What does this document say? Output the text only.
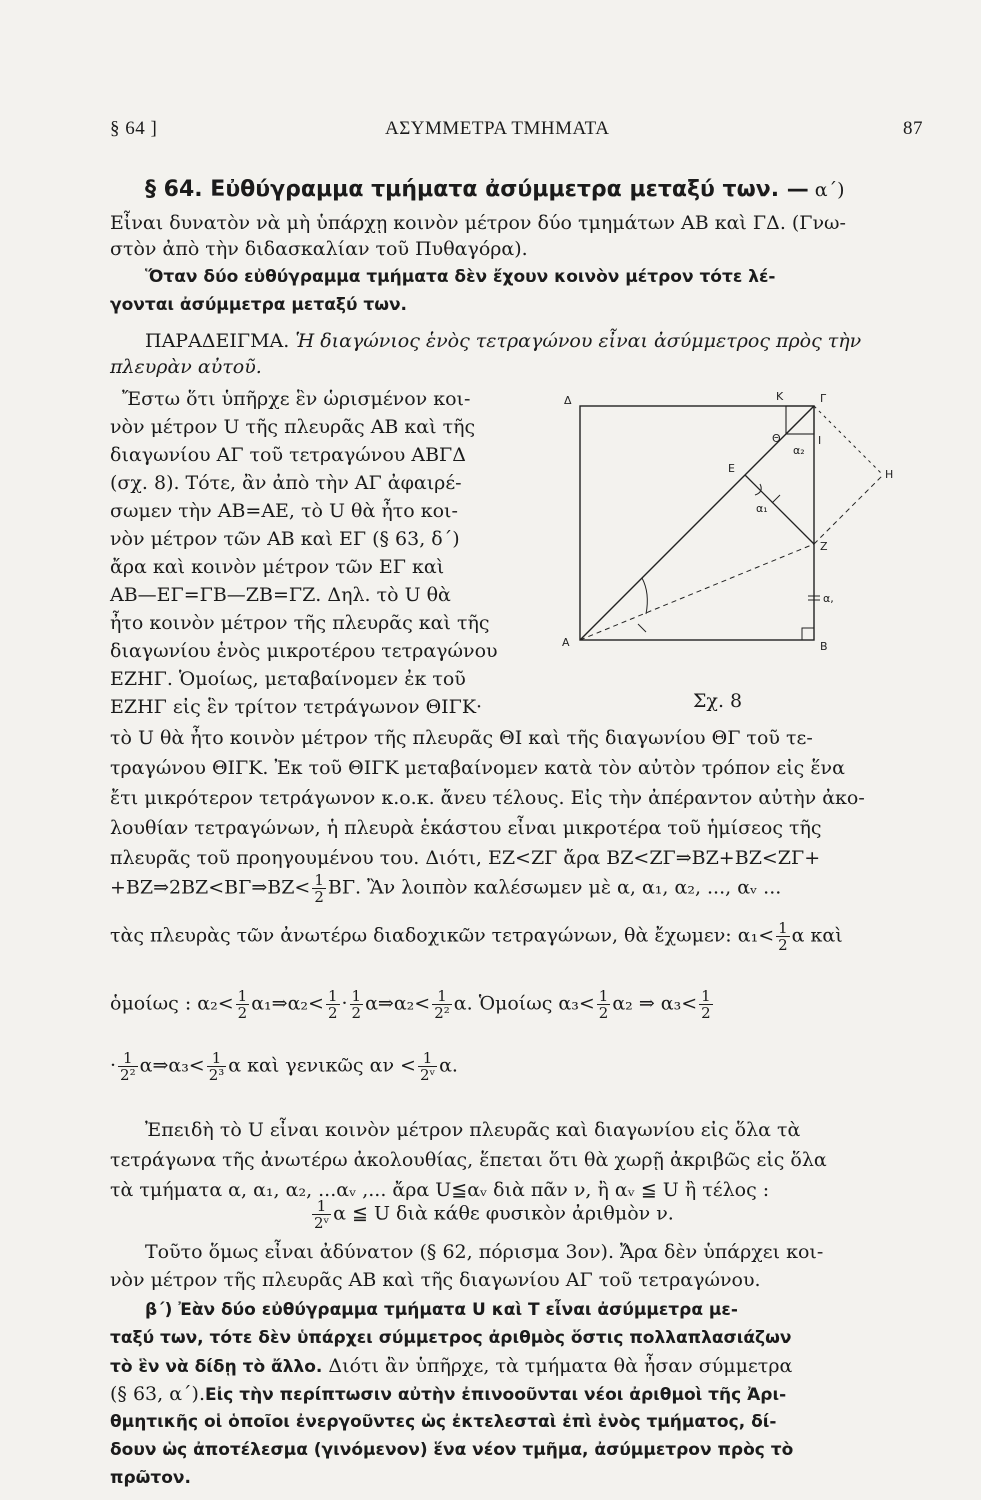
§ 64 ]	ΑΣΥΜΜΕΤΡΑ ΤΜΗΜΑΤΑ	87
§ 64. Εὐθύγραμμα τμήματα ἀσύμμετρα μεταξύ των. — α΄)
Εἶναι δυνατὸν νὰ μὴ ὑπάρχῃ κοινὸν μέτρον δύο τμημάτων ΑΒ καὶ ΓΔ. (Γνω-
στὸν ἀπὸ τὴν διδασκαλίαν τοῦ Πυθαγόρα).
Ὅταν δύο εὐθύγραμμα τμήματα δὲν ἔχουν κοινὸν μέτρον τότε λέ-
γονται ἀσύμμετρα μεταξύ των.
ΠΑΡΑΔΕΙΓΜΑ. Ἡ διαγώνιος ἑνὸς τετραγώνου εἶναι ἀσύμμετρος πρὸς τὴν
πλευρὰν αὐτοῦ.
Ἔστω ὅτι ὑπῆρχε ἓν ὡρισμένον κοι-
νὸν μέτρον U τῆς πλευρᾶς ΑΒ καὶ τῆς
διαγωνίου ΑΓ τοῦ τετραγώνου ΑΒΓΔ
(σχ. 8). Τότε, ἂν ἀπὸ τὴν ΑΓ ἀφαιρέ-
σωμεν τὴν ΑΒ=ΑΕ, τὸ U θὰ ἦτο κοι-
νὸν μέτρον τῶν ΑΒ καὶ ΕΓ (§ 63, δ΄)
ἄρα καὶ κοινὸν μέτρον τῶν ΕΓ καὶ
ΑΒ—ΕΓ=ΓΒ—ΖΒ=ΓΖ. Δηλ. τὸ U θὰ
ἦτο κοινὸν μέτρον τῆς πλευρᾶς καὶ τῆς
διαγωνίου ἑνὸς μικροτέρου τετραγώνου
ΕΖΗΓ. Ὁμοίως, μεταβαίνομεν ἐκ τοῦ
ΕΖΗΓ εἰς ἓν τρίτον τετράγωνον ΘΙΓΚ·
Δ	Κ	Γ
Θ	Ι
α₂
Ε	Η
α₁
Ζ
α,
Α	Β
Σχ. 8
τὸ U θὰ ἦτο κοινὸν μέτρον τῆς πλευρᾶς ΘΙ καὶ τῆς διαγωνίου ΘΓ τοῦ τε-
τραγώνου ΘΙΓΚ. Ἐκ τοῦ ΘΙΓΚ μεταβαίνομεν κατὰ τὸν αὐτὸν τρόπον εἰς ἕνα
ἔτι μικρότερον τετράγωνον κ.ο.κ. ἄνευ τέλους. Εἰς τὴν ἀπέραντον αὐτὴν ἀκο-
λουθίαν τετραγώνων, ἡ πλευρὰ ἑκάστου εἶναι μικροτέρα τοῦ ἡμίσεος τῆς
πλευρᾶς τοῦ προηγουμένου του. Διότι, ΕΖ<ΖΓ ἄρα ΒΖ<ΖΓ⇒ΒΖ+ΒΖ<ΖΓ+
+ΒΖ⇒2ΒΖ<ΒΓ⇒ΒΖ< $\frac{1}{2} B\Gamma$. Ἂν λοιπὸν καλέσωμεν μὲ α, α₁, α₂, ..., αᵥ ...
τὰς πλευρὰς τῶν ἀνωτέρω διαδοχικῶν τετραγώνων, θὰ ἔχωμεν: $\alpha_1< \frac{1}{2}$ α καὶ
ὁμοίως : $\alpha_2< \frac{1}{2}$ α₁⇒α₂< $\frac{1}{2} \cdot \frac{1}{2}$ α⇒α₂< $\frac{1}{\text{2²}} \alpha$. Ὁμοίως $\alpha_3< \frac{1}{2} \alpha_2$ ⇒ $\alpha_3< \frac{1}{2}$
· $\frac{1}{\text{2²}}$ α⇒α₃< $\frac{1}{\text{2³}}$ α καὶ γενικῶς $\alpha\nu < \frac{1}{\text{2ᵛ}} \alpha$.
Ἐπειδὴ τὸ U εἶναι κοινὸν μέτρον πλευρᾶς καὶ διαγωνίου εἰς ὅλα τὰ
τετράγωνα τῆς ἀνωτέρω ἀκολουθίας, ἕπεται ὅτι θὰ χωρῇ ἀκριβῶς εἰς ὅλα
τὰ τμήματα α, α₁, α₂, ...αᵥ ,... ἄρα U≦αᵥ διὰ πᾶν ν, ἢ αᵥ ≦ U ἢ τέλος :
$\frac{1}{\text{2ᵛ}}$ α ≦ U διὰ κάθε φυσικὸν ἀριθμὸν ν.
Τοῦτο ὅμως εἶναι ἀδύνατον (§ 62, πόρισμα 3ον). Ἄρα δὲν ὑπάρχει κοι-
νὸν μέτρον τῆς πλευρᾶς ΑΒ καὶ τῆς διαγωνίου ΑΓ τοῦ τετραγώνου.
β΄) Ἐὰν δύο εὐθύγραμμα τμήματα U καὶ Τ εἶναι ἀσύμμετρα με-
ταξύ των, τότε δὲν ὑπάρχει σύμμετρος ἀριθμὸς ὅστις πολλαπλασιάζων
τὸ ἓν νὰ δίδῃ τὸ ἄλλο. Διότι ἂν ὑπῆρχε, τὰ τμήματα θὰ ἦσαν σύμμετρα
(§ 63, α΄).Εἰς τὴν περίπτωσιν αὐτὴν ἐπινοοῦνται νέοι ἀριθμοὶ τῆς Ἀρι-
θμητικῆς οἱ ὁποῖοι ἐνεργοῦντες ὡς ἐκτελεσταὶ ἐπὶ ἑνὸς τμήματος, δί-
δουν ὡς ἀποτέλεσμα (γινόμενον) ἕνα νέον τμῆμα, ἀσύμμετρον πρὸς τὸ
πρῶτον.
